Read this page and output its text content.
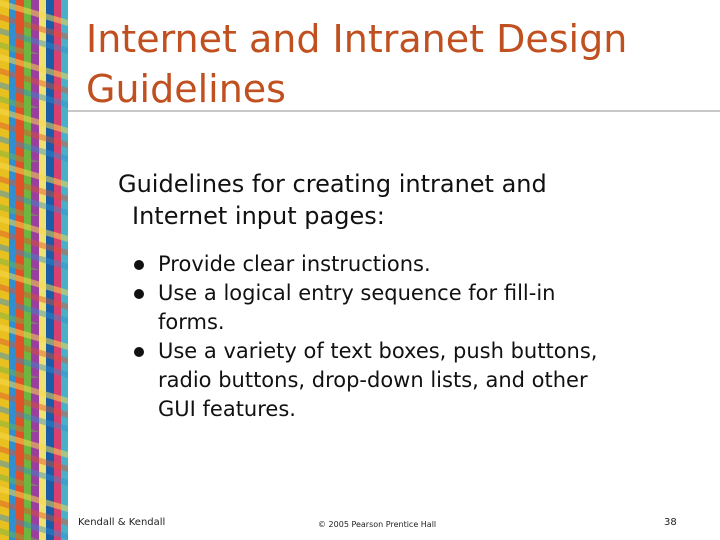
Internet and Intranet Design
Guidelines

Guidelines for creating intranet and
Internet input pages:

Provide clear instructions.
Use a logical entry sequence for fill-in
forms.
Use a variety of text boxes, push buttons,
radio buttons, drop-down lists, and other
GUI features.
Kendall & Kendall	© 2005 Pearson Prentice Hall	38
